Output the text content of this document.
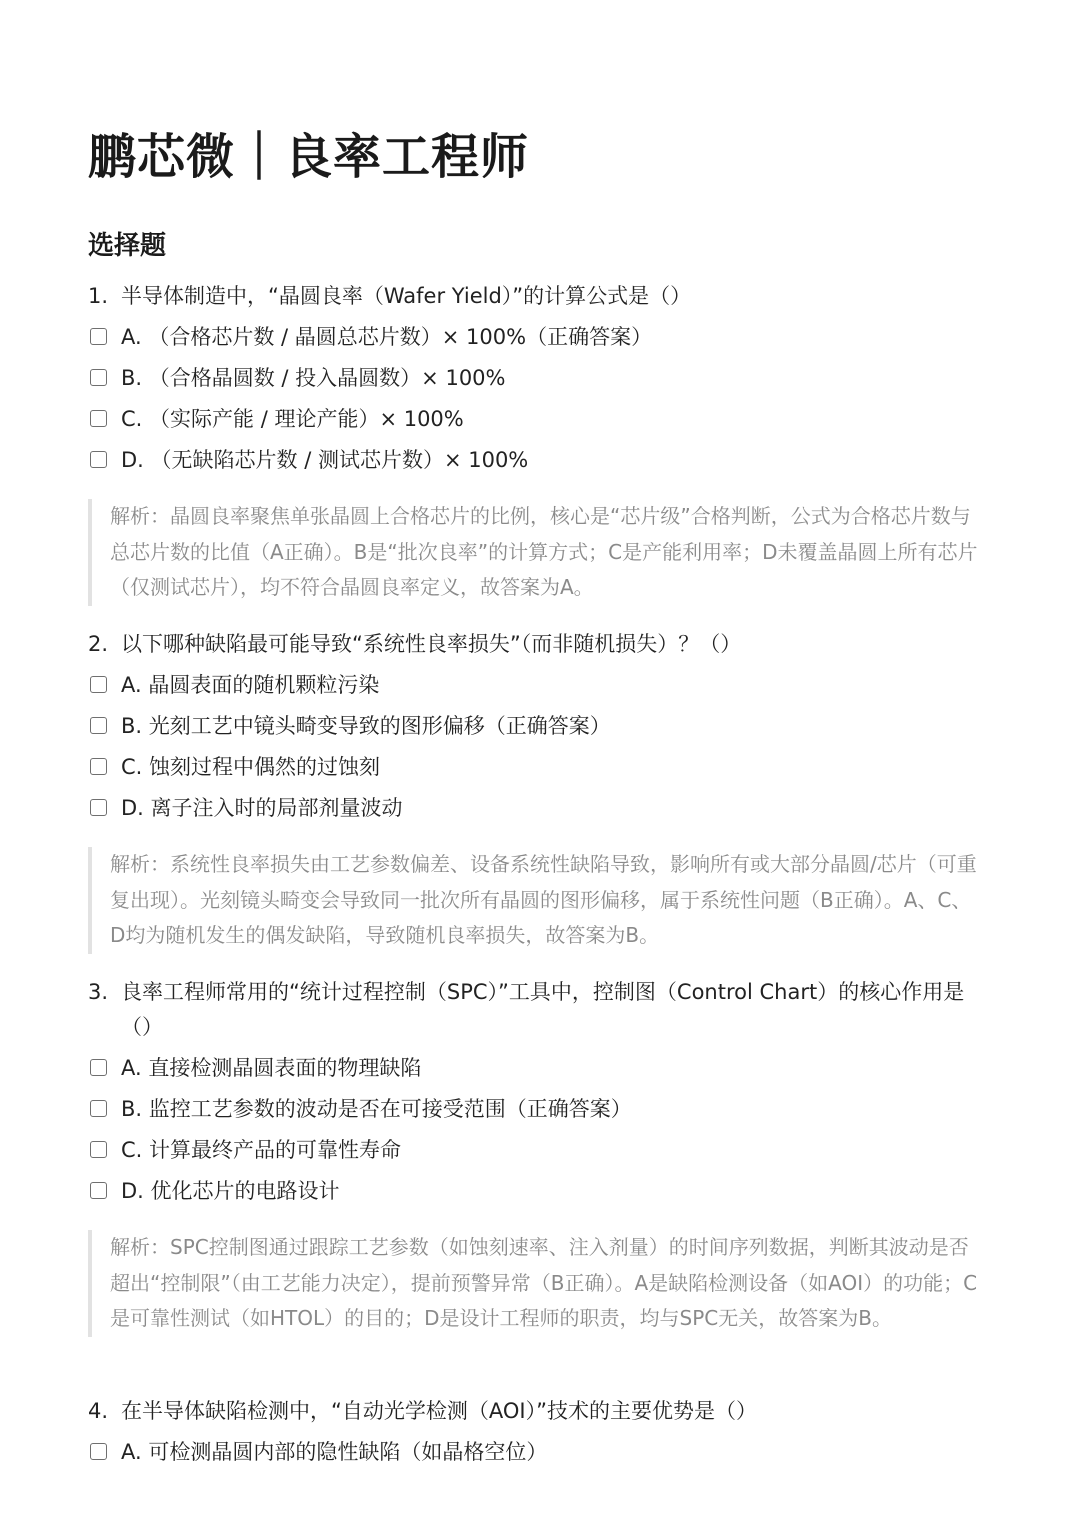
鹏芯微｜良率工程师
选择题
1. 半导体制造中，“晶圆良率（Wafer Yield）”的计算公式是（）
A. （合格芯片数 / 晶圆总芯片数）× 100%（正确答案）
B. （合格晶圆数 / 投入晶圆数）× 100%
C. （实际产能 / 理论产能）× 100%
D. （无缺陷芯片数 / 测试芯片数）× 100%
解析：晶圆良率聚焦单张晶圆上合格芯片的比例，核心是“芯片级”合格判断，公式为合格芯片数与总芯片数的比值（A正确）。B是“批次良率”的计算方式；C是产能利用率；D未覆盖晶圆上所有芯片（仅测试芯片），均不符合晶圆良率定义，故答案为A。
2. 以下哪种缺陷最可能导致“系统性良率损失”（而非随机损失）？（）
A. 晶圆表面的随机颗粒污染
B. 光刻工艺中镜头畸变导致的图形偏移（正确答案）
C. 蚀刻过程中偶然的过蚀刻
D. 离子注入时的局部剂量波动
解析：系统性良率损失由工艺参数偏差、设备系统性缺陷导致，影响所有或大部分晶圆/芯片（可重复出现）。光刻镜头畸变会导致同一批次所有晶圆的图形偏移，属于系统性问题（B正确）。A、C、D均为随机发生的偶发缺陷，导致随机良率损失，故答案为B。
3. 良率工程师常用的“统计过程控制（SPC）”工具中，控制图（Control Chart）的核心作用是（）
A. 直接检测晶圆表面的物理缺陷
B. 监控工艺参数的波动是否在可接受范围（正确答案）
C. 计算最终产品的可靠性寿命
D. 优化芯片的电路设计
解析：SPC控制图通过跟踪工艺参数（如蚀刻速率、注入剂量）的时间序列数据，判断其波动是否超出“控制限”（由工艺能力决定），提前预警异常（B正确）。A是缺陷检测设备（如AOI）的功能；C是可靠性测试（如HTOL）的目的；D是设计工程师的职责，均与SPC无关，故答案为B。
4. 在半导体缺陷检测中，“自动光学检测（AOI）”技术的主要优势是（）
A. 可检测晶圆内部的隐性缺陷（如晶格空位）
